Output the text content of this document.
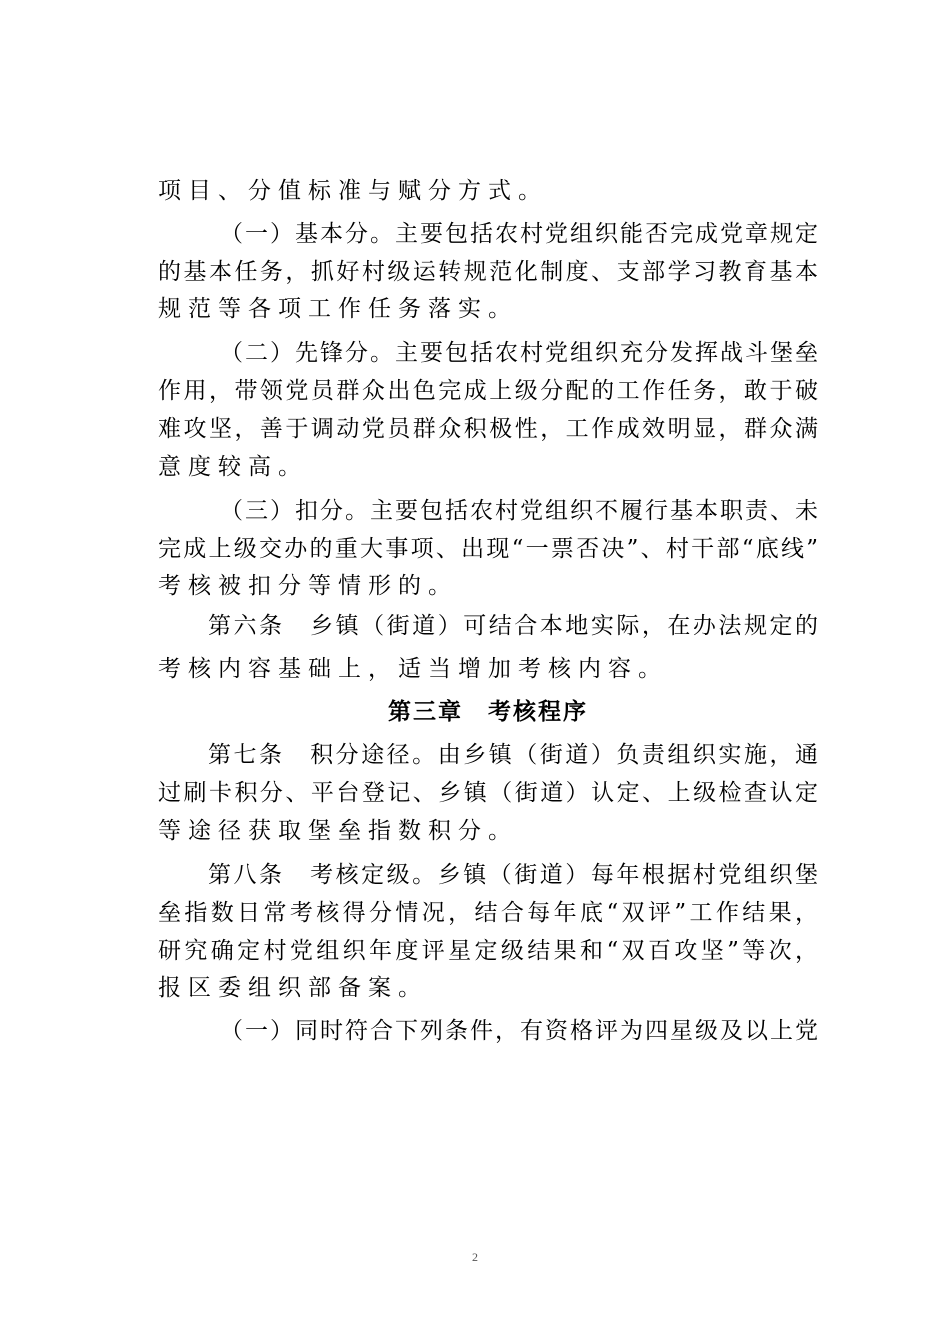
项目、分值标准与赋分方式。
（一）基本分。主要包括农村党组织能否完成党章规定
的基本任务，抓好村级运转规范化制度、支部学习教育基本
规范等各项工作任务落实。
（二）先锋分。主要包括农村党组织充分发挥战斗堡垒
作用，带领党员群众出色完成上级分配的工作任务，敢于破
难攻坚，善于调动党员群众积极性，工作成效明显，群众满
意度较高。
（三）扣分。主要包括农村党组织不履行基本职责、未
完成上级交办的重大事项、出现“一票否决”、村干部“底线”
考核被扣分等情形的。
第六条　乡镇（街道）可结合本地实际，在办法规定的
考核内容基础上，适当增加考核内容。
第三章　考核程序
第七条　积分途径。由乡镇（街道）负责组织实施，通
过刷卡积分、平台登记、乡镇（街道）认定、上级检查认定
等途径获取堡垒指数积分。
第八条　考核定级。乡镇（街道）每年根据村党组织堡
垒指数日常考核得分情况，结合每年底“双评”工作结果，
研究确定村党组织年度评星定级结果和“双百攻坚”等次，
报区委组织部备案。
（一）同时符合下列条件，有资格评为四星级及以上党
2
